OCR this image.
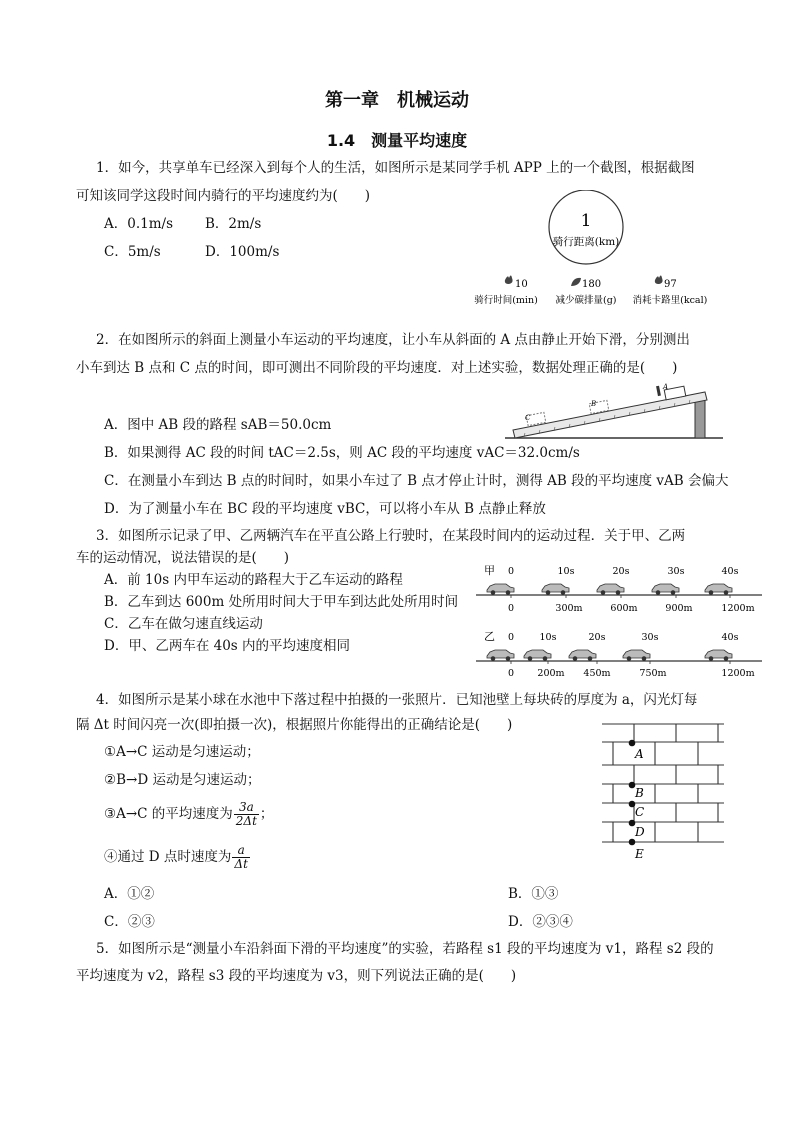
第一章　机械运动
1.4　测量平均速度
1．如今，共享单车已经深入到每个人的生活，如图所示是某同学手机 APP 上的一个截图，根据截图
可知该同学这段时间内骑行的平均速度约为(　　)
A．0.1m/s B．2m/s
C．5m/s	D．100m/s
1
骑行距离(km)
10
骑行时间(min)
180
减少碳排量(g)
97
消耗卡路里(kcal)
2．在如图所示的斜面上测量小车运动的平均速度，让小车从斜面的 A 点由静止开始下滑，分别测出
小车到达 B 点和 C 点的时间，即可测出不同阶段的平均速度．对上述实验，数据处理正确的是(　　)
C
B
A
A．图中 AB 段的路程 sAB＝50.0cm
B．如果测得 AC 段的时间 tAC＝2.5s，则 AC 段的平均速度 vAC＝32.0cm/s
C．在测量小车到达 B 点的时间时，如果小车过了 B 点才停止计时，测得 AB 段的平均速度 vAB 会偏大
D．为了测量小车在 BC 段的平均速度 vBC，可以将小车从 B 点静止释放
3．如图所示记录了甲、乙两辆汽车在平直公路上行驶时，在某段时间内的运动过程．关于甲、乙两
车的运动情况，说法错误的是(　　)
A．前 10s 内甲车运动的路程大于乙车运动的路程
B．乙车到达 600m 处所用时间大于甲车到达此处所用时间
C．乙车在做匀速直线运动
D．甲、乙两车在 40s 内的平均速度相同
甲 0	10s	20s	30s	40s
0	300m	600m	900m	1200m
乙 0	10s	20s	30s	40s
0 200m 450m	750m	1200m
4．如图所示是某小球在水池中下落过程中拍摄的一张照片．已知池壁上每块砖的厚度为 a，闪光灯每
隔 Δt 时间闪亮一次(即拍摄一次)，根据照片你能得出的正确结论是(　　)
①A→C 运动是匀速运动；
②B→D 运动是匀速运动；
③A→C 的平均速度为 $\frac{3a}{2\Delta t}$ ；
④通过 D 点时速度为 $\frac{a}{\Delta t}$
A．①②	B．①③
C．②③	D．②③④
A
B
C
D
E
5．如图所示是“测量小车沿斜面下滑的平均速度”的实验，若路程 s1 段的平均速度为 v1，路程 s2 段的
平均速度为 v2，路程 s3 段的平均速度为 v3，则下列说法正确的是(　　)
